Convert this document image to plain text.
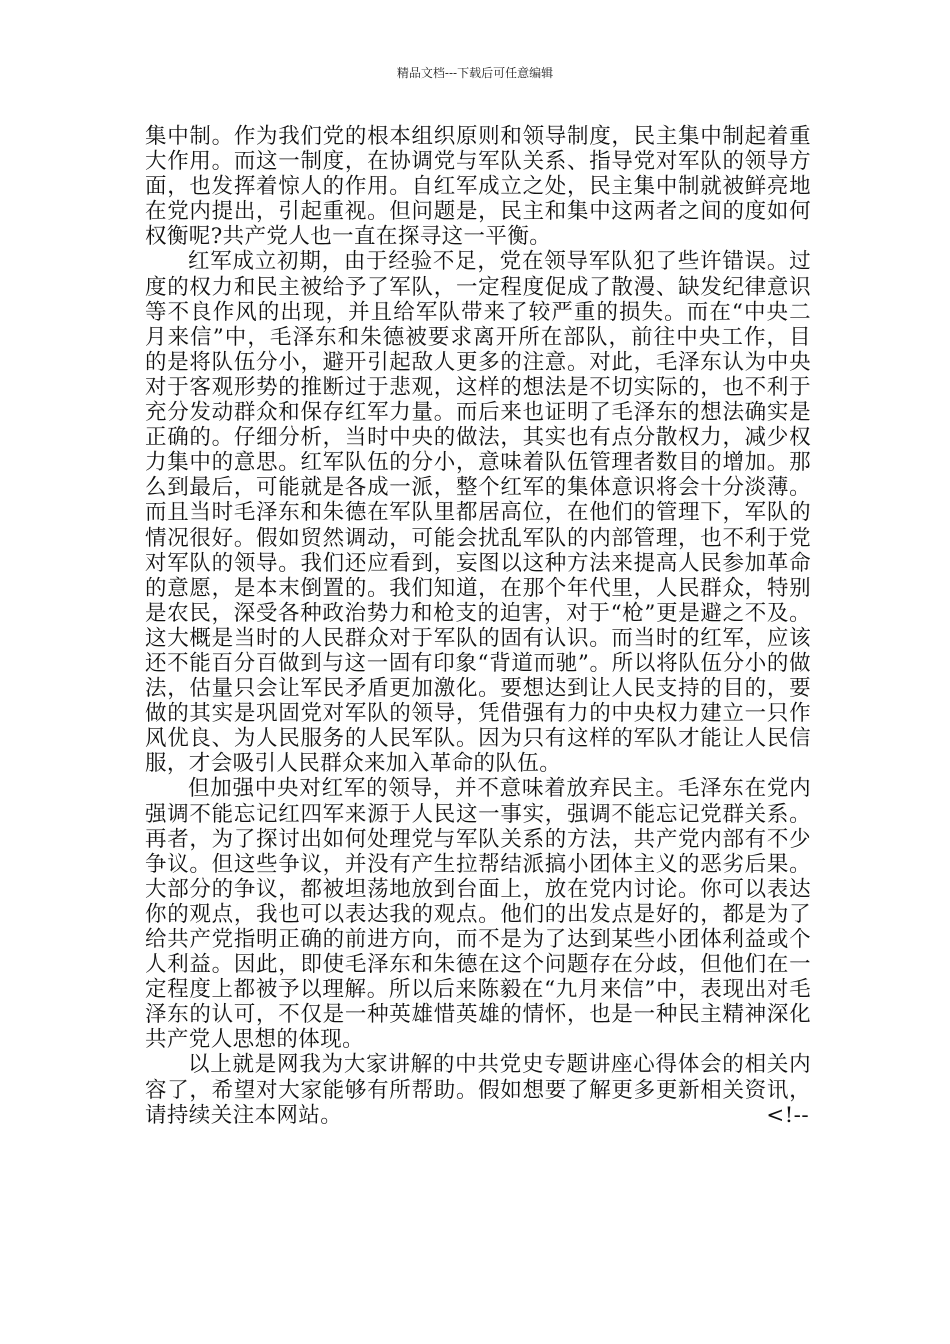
精品文档---下载后可任意编辑

集中制。作为我们党的根本组织原则和领导制度，民主集中制起着重大作用。而这一制度，在协调党与军队关系、指导党对军队的领导方面，也发挥着惊人的作用。自红军成立之处，民主集中制就被鲜亮地在党内提出，引起重视。但问题是，民主和集中这两者之间的度如何权衡呢?共产党人也一直在探寻这一平衡。

红军成立初期，由于经验不足，党在领导军队犯了些许错误。过度的权力和民主被给予了军队，一定程度促成了散漫、缺发纪律意识等不良作风的出现，并且给军队带来了较严重的损失。而在“中央二月来信”中，毛泽东和朱德被要求离开所在部队，前往中央工作，目的是将队伍分小，避开引起敌人更多的注意。对此，毛泽东认为中央对于客观形势的推断过于悲观，这样的想法是不切实际的，也不利于充分发动群众和保存红军力量。而后来也证明了毛泽东的想法确实是正确的。仔细分析，当时中央的做法，其实也有点分散权力，减少权力集中的意思。红军队伍的分小，意味着队伍管理者数目的增加。那么到最后，可能就是各成一派，整个红军的集体意识将会十分淡薄。而且当时毛泽东和朱德在军队里都居高位，在他们的管理下，军队的情况很好。假如贸然调动，可能会扰乱军队的内部管理，也不利于党对军队的领导。我们还应看到，妄图以这种方法来提高人民参加革命的意愿，是本末倒置的。我们知道，在那个年代里，人民群众，特别是农民，深受各种政治势力和枪支的迫害，对于“枪”更是避之不及。这大概是当时的人民群众对于军队的固有认识。而当时的红军，应该还不能百分百做到与这一固有印象“背道而驰”。所以将队伍分小的做法，估量只会让军民矛盾更加激化。要想达到让人民支持的目的，要做的其实是巩固党对军队的领导，凭借强有力的中央权力建立一只作风优良、为人民服务的人民军队。因为只有这样的军队才能让人民信服，才会吸引人民群众来加入革命的队伍。

但加强中央对红军的领导，并不意味着放弃民主。毛泽东在党内强调不能忘记红四军来源于人民这一事实，强调不能忘记党群关系。再者，为了探讨出如何处理党与军队关系的方法，共产党内部有不少争议。但这些争议，并没有产生拉帮结派搞小团体主义的恶劣后果。大部分的争议，都被坦荡地放到台面上，放在党内讨论。你可以表达你的观点，我也可以表达我的观点。他们的出发点是好的，都是为了给共产党指明正确的前进方向，而不是为了达到某些小团体利益或个人利益。因此，即使毛泽东和朱德在这个问题存在分歧，但他们在一定程度上都被予以理解。所以后来陈毅在“九月来信”中，表现出对毛泽东的认可，不仅是一种英雄惜英雄的情怀，也是一种民主精神深化共产党人思想的体现。

以上就是网我为大家讲解的中共党史专题讲座心得体会的相关内容了，希望对大家能够有所帮助。假如想要了解更多更新相关资讯，请持续关注本网站。	<!--
